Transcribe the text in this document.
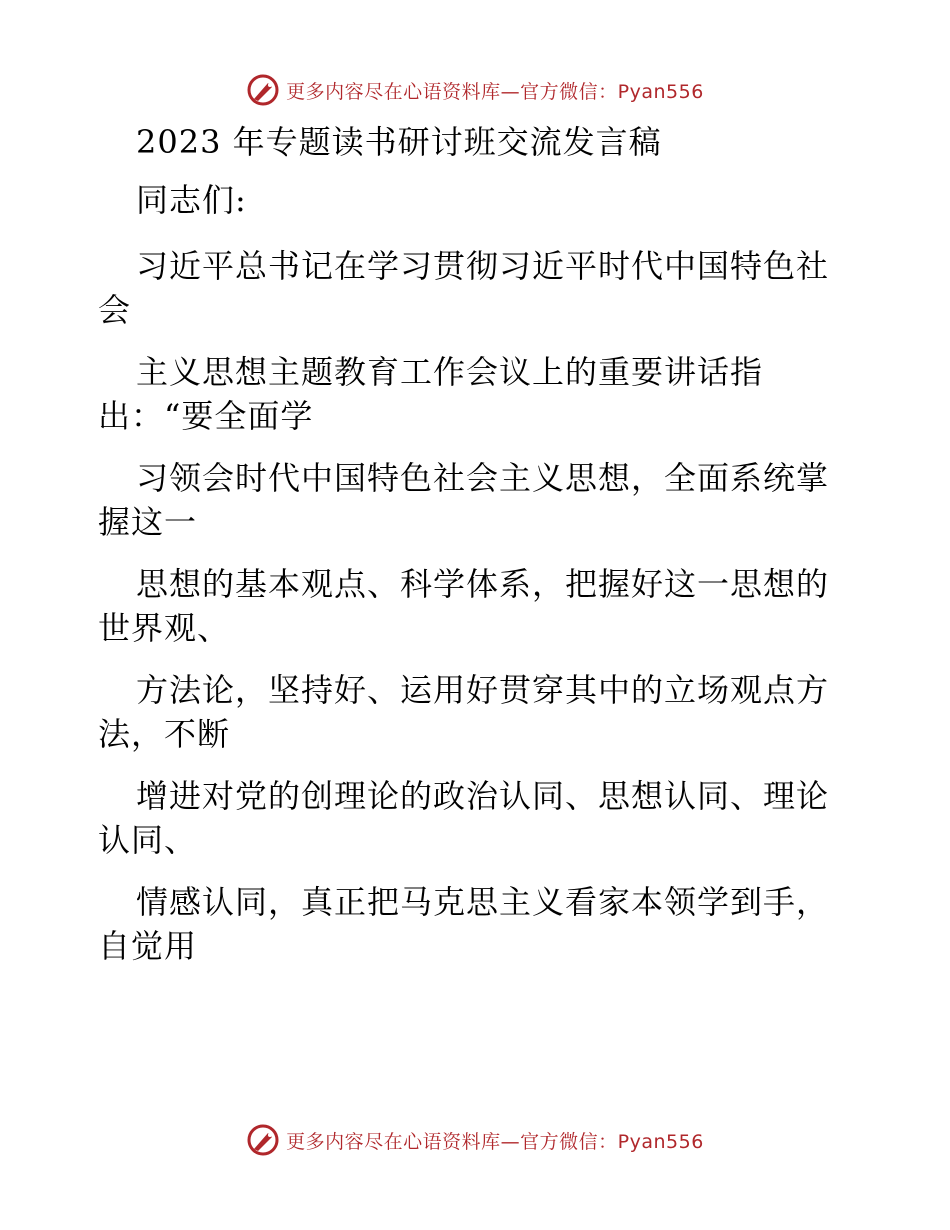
更多内容尽在心语资料库—官方微信：Pyan556
2023 年专题读书研讨班交流发言稿
同志们:
习近平总书记在学习贯彻习近平时代中国特色社
会
主义思想主题教育工作会议上的重要讲话指
出：“要全面学
习领会时代中国特色社会主义思想，全面系统掌
握这一
思想的基本观点、科学体系，把握好这一思想的
世界观、
方法论，坚持好、运用好贯穿其中的立场观点方
法，不断
增进对党的创理论的政治认同、思想认同、理论
认同、
情感认同，真正把马克思主义看家本领学到手，
自觉用
更多内容尽在心语资料库—官方微信：Pyan556
